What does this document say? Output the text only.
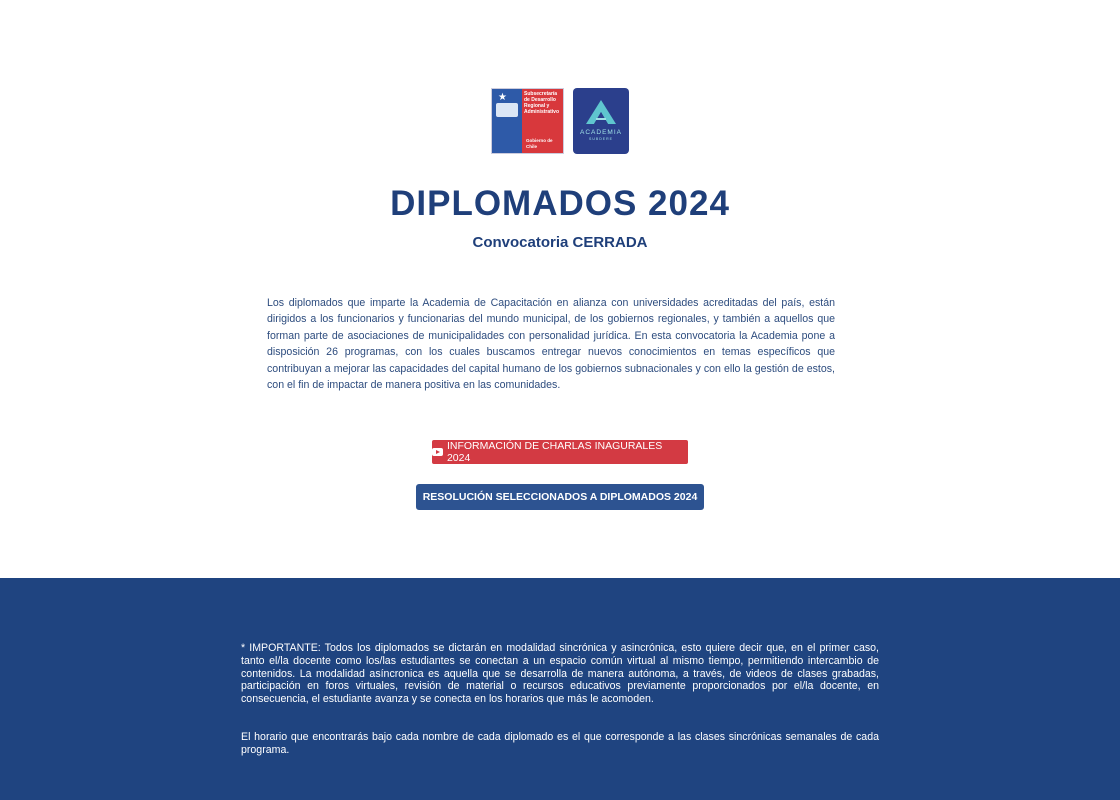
★	Subsecretaría de Desarrollo Regional y Administrativo
Gobierno de Chile
ACADEMIA
SUBDERE
DIPLOMADOS 2024
Convocatoria CERRADA

Los diplomados que imparte la Academia de Capacitación en alianza con universidades acreditadas del país, están dirigidos a los funcionarios y funcionarias del mundo municipal, de los gobiernos regionales, y también a aquellos que forman parte de asociaciones de municipalidades con personalidad jurídica. En esta convocatoria la Academia pone a disposición 26 programas, con los cuales buscamos entregar nuevos conocimientos en temas específicos que contribuyan a mejorar las capacidades del capital humano de los gobiernos subnacionales y con ello la gestión de estos, con el fin de impactar de manera positiva en las comunidades.

INFORMACIÓN DE CHARLAS INAGURALES 2024
RESOLUCIÓN SELECCIONADOS A DIPLOMADOS 2024

* IMPORTANTE: Todos los diplomados se dictarán en modalidad sincrónica y asincrónica, esto quiere decir que, en el primer caso, tanto el/la docente como los/las estudiantes se conectan a un espacio común virtual al mismo tiempo, permitiendo intercambio de contenidos. La modalidad asíncronica es aquella que se desarrolla de manera autónoma, a través, de videos de clases grabadas, participación en foros virtuales, revisión de material o recursos educativos previamente proporcionados por el/la docente, en consecuencia, el estudiante avanza y se conecta en los horarios que más le acomoden.

El horario que encontrarás bajo cada nombre de cada diplomado es el que corresponde a las clases sincrónicas semanales de cada programa.
